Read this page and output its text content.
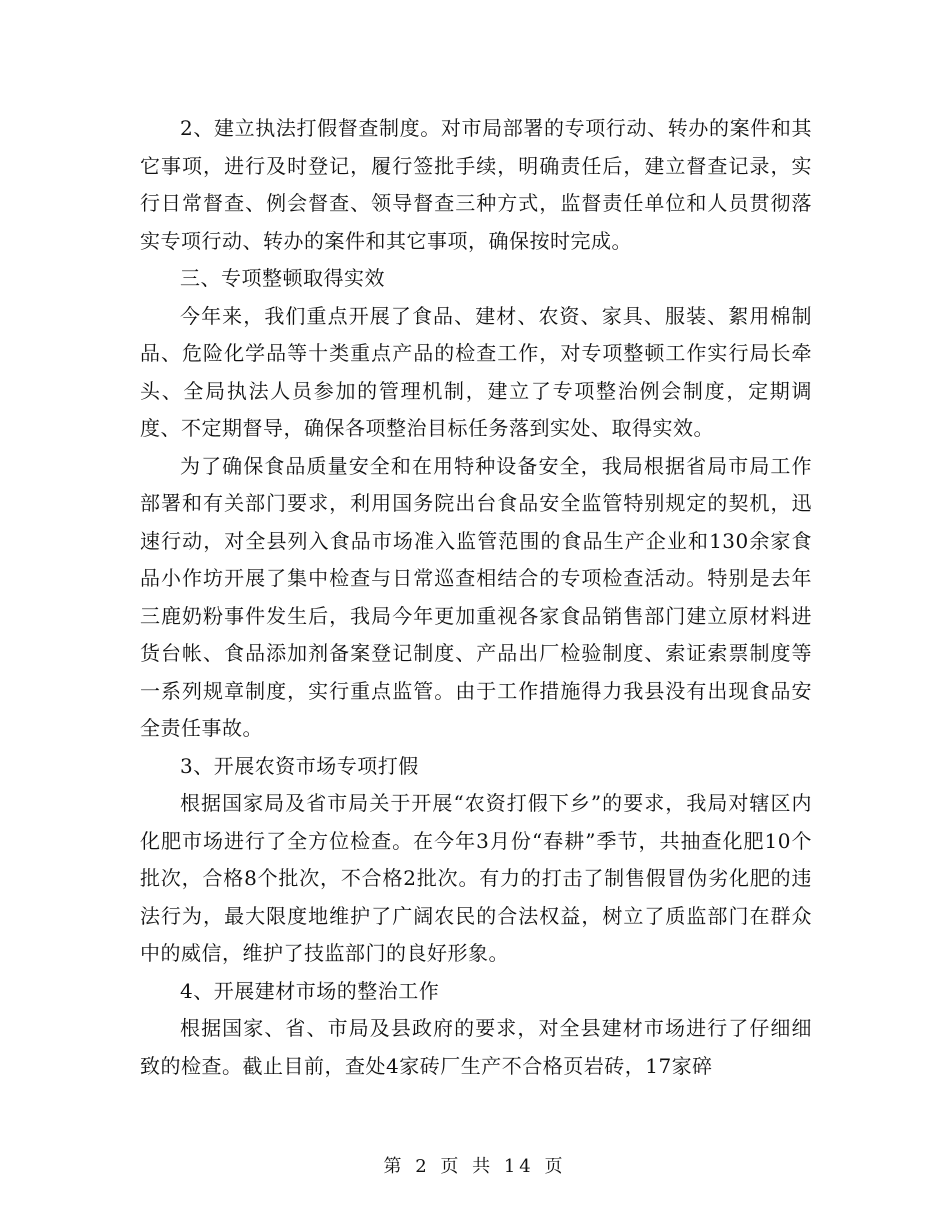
2、建立执法打假督查制度。对市局部署的专项行动、转办的案件和其它事项，进行及时登记，履行签批手续，明确责任后，建立督查记录，实行日常督查、例会督查、领导督查三种方式，监督责任单位和人员贯彻落实专项行动、转办的案件和其它事项，确保按时完成。

三、专项整顿取得实效

今年来，我们重点开展了食品、建材、农资、家具、服装、絮用棉制品、危险化学品等十类重点产品的检查工作，对专项整顿工作实行局长牵头、全局执法人员参加的管理机制，建立了专项整治例会制度，定期调度、不定期督导，确保各项整治目标任务落到实处、取得实效。

为了确保食品质量安全和在用特种设备安全，我局根据省局市局工作部署和有关部门要求，利用国务院出台食品安全监管特别规定的契机，迅速行动，对全县列入食品市场准入监管范围的食品生产企业和130余家食品小作坊开展了集中检查与日常巡查相结合的专项检查活动。特别是去年三鹿奶粉事件发生后，我局今年更加重视各家食品销售部门建立原材料进货台帐、食品添加剂备案登记制度、产品出厂检验制度、索证索票制度等一系列规章制度，实行重点监管。由于工作措施得力我县没有出现食品安全责任事故。

3、开展农资市场专项打假

根据国家局及省市局关于开展“农资打假下乡”的要求，我局对辖区内化肥市场进行了全方位检查。在今年3月份“春耕”季节，共抽查化肥10个批次，合格8个批次，不合格2批次。有力的打击了制售假冒伪劣化肥的违法行为，最大限度地维护了广阔农民的合法权益，树立了质监部门在群众中的威信，维护了技监部门的良好形象。

4、开展建材市场的整治工作

根据国家、省、市局及县政府的要求，对全县建材市场进行了仔细细致的检查。截止目前，查处4家砖厂生产不合格页岩砖，17家碎

第 2 页 共 14 页
